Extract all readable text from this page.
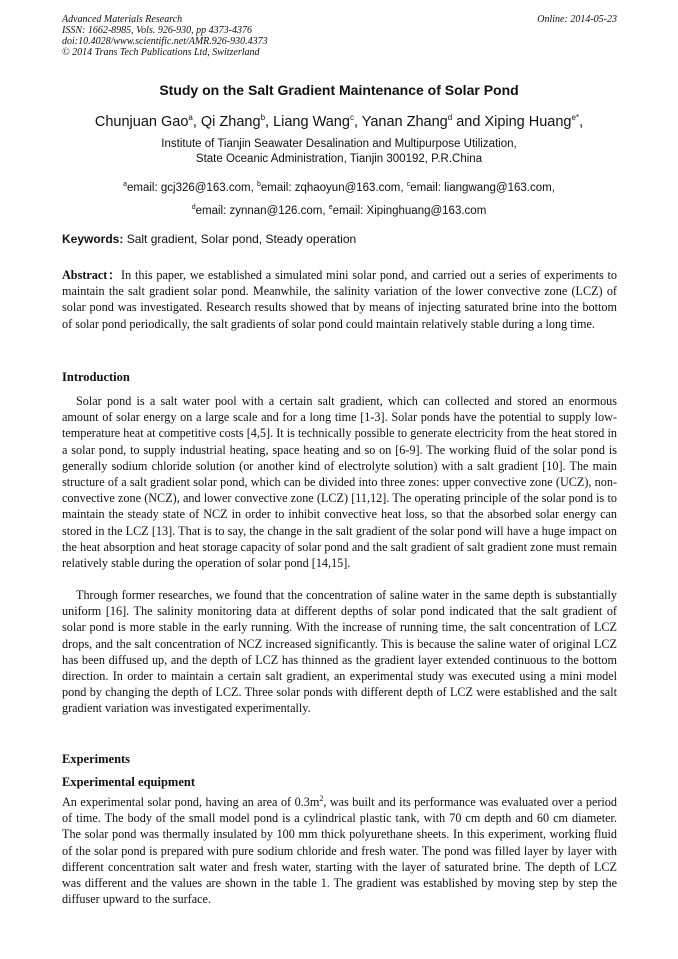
Advanced Materials Research
ISSN: 1662-8985, Vols. 926-930, pp 4373-4376
doi:10.4028/www.scientific.net/AMR.926-930.4373
© 2014 Trans Tech Publications Ltd, Switzerland
Online: 2014-05-23
Study on the Salt Gradient Maintenance of Solar Pond
Chunjuan Gao$^a$, Qi Zhang$^b$, Liang Wang$^c$, Yanan Zhang$^d$ and Xiping Huang$^{e*}$,
Institute of Tianjin Seawater Desalination and Multipurpose Utilization,
State Oceanic Administration, Tianjin 300192, P.R.China
$^a$email: gcj326@163.com, $^b$email: zqhaoyun@163.com, $^c$email: liangwang@163.com,
$^d$email: zynnan@126.com, $^e$email: Xipinghuang@163.com
Keywords: Salt gradient, Solar pond, Steady operation
Abstract：In this paper, we established a simulated mini solar pond, and carried out a series of experiments to maintain the salt gradient solar pond. Meanwhile, the salinity variation of the lower convective zone (LCZ) of solar pond was investigated. Research results showed that by means of injecting saturated brine into the bottom of solar pond periodically, the salt gradients of solar pond could maintain relatively stable during a long time.
Introduction
Solar pond is a salt water pool with a certain salt gradient, which can collected and stored an enormous amount of solar energy on a large scale and for a long time [1-3]. Solar ponds have the potential to supply low-temperature heat at competitive costs [4,5]. It is technically possible to generate electricity from the heat stored in a solar pond, to supply industrial heating, space heating and so on [6-9]. The working fluid of the solar pond is generally sodium chloride solution (or another kind of electrolyte solution) with a salt gradient [10]. The main structure of a salt gradient solar pond, which can be divided into three zones: upper convective zone (UCZ), non-convective zone (NCZ), and lower convective zone (LCZ) [11,12]. The operating principle of the solar pond is to maintain the steady state of NCZ in order to inhibit convective heat loss, so that the absorbed solar energy can stored in the LCZ [13]. That is to say, the change in the salt gradient of the solar pond will have a huge impact on the heat absorption and heat storage capacity of solar pond and the salt gradient of salt gradient zone must remain relatively stable during the operation of solar pond [14,15].
Through former researches, we found that the concentration of saline water in the same depth is substantially uniform [16]. The salinity monitoring data at different depths of solar pond indicated that the salt gradient of solar pond is more stable in the early running. With the increase of running time, the salt concentration of LCZ drops, and the salt concentration of NCZ increased significantly. This is because the saline water of original LCZ has been diffused up, and the depth of LCZ has thinned as the gradient layer extended continuous to the bottom direction. In order to maintain a certain salt gradient, an experimental study was executed using a mini model pond by changing the depth of LCZ. Three solar ponds with different depth of LCZ were established and the salt gradient variation was investigated experimentally.
Experiments
Experimental equipment
An experimental solar pond, having an area of $0.3m^2$, was built and its performance was evaluated over a period of time. The body of the small model pond is a cylindrical plastic tank, with 70 cm depth and 60 cm diameter. The solar pond was thermally insulated by 100 mm thick polyurethane sheets. In this experiment, working fluid of the solar pond is prepared with pure sodium chloride and fresh water. The pond was filled layer by layer with different concentration salt water and fresh water, starting with the layer of saturated brine. The depth of LCZ was different and the values are shown in the table 1. The gradient was established by moving step by step the diffuser upward to the surface.
